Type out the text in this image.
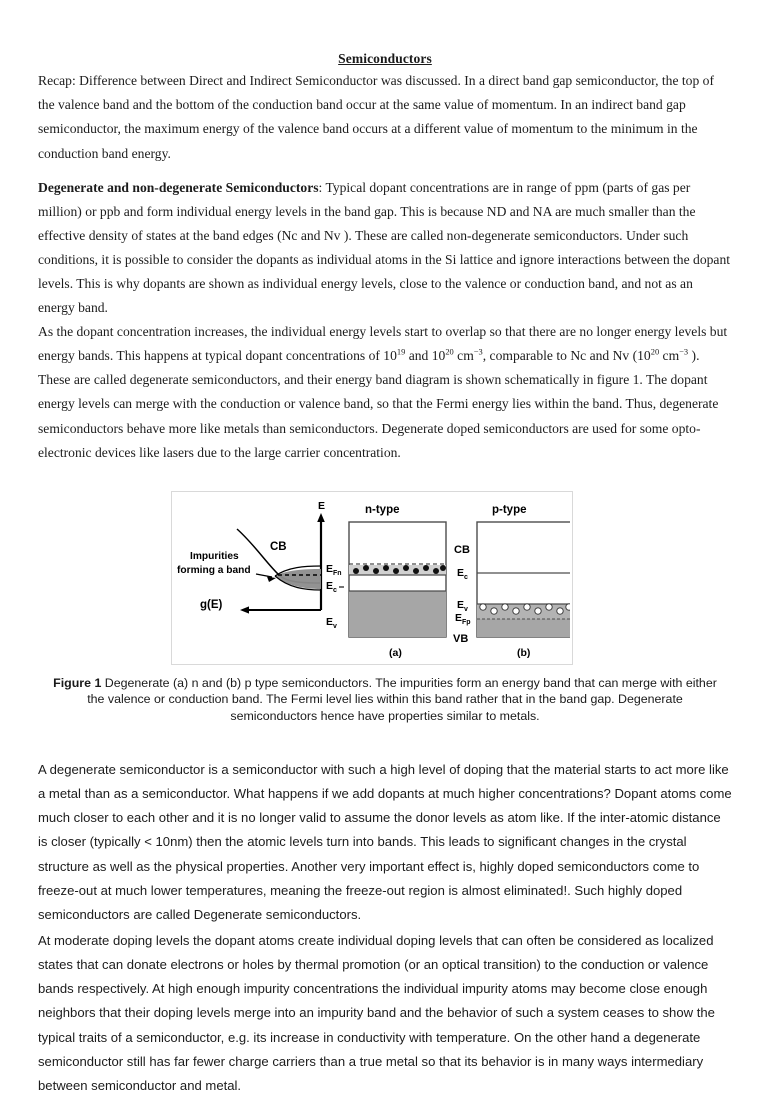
Semiconductors

Recap: Difference between Direct and Indirect Semiconductor was discussed. In a direct band gap semiconductor, the top of the valence band and the bottom of the conduction band occur at the same value of momentum. In an indirect band gap semiconductor, the maximum energy of the valence band occurs at a different value of momentum to the minimum in the conduction band energy.

Degenerate and non-degenerate Semiconductors: Typical dopant concentrations are in range of ppm (parts of gas per million) or ppb and form individual energy levels in the band gap. This is because ND and NA are much smaller than the effective density of states at the band edges (Nc and Nv ). These are called non-degenerate semiconductors. Under such conditions, it is possible to consider the dopants as individual atoms in the Si lattice and ignore interactions between the dopant levels. This is why dopants are shown as individual energy levels, close to the valence or conduction band, and not as an energy band.

As the dopant concentration increases, the individual energy levels start to overlap so that there are no longer energy levels but energy bands. This happens at typical dopant concentrations of $10^{19}$ and $10^{20}$ $cm^{-3}$, comparable to Nc and Nv ($10^{20}$ $cm^{-3}$ ). These are called degenerate semiconductors, and their energy band diagram is shown schematically in figure 1. The dopant energy levels can merge with the conduction or valence band, so that the Fermi energy lies within the band. Thus, degenerate semiconductors behave more like metals than semiconductors. Degenerate doped semiconductors are used for some opto-electronic devices like lasers due to the large carrier concentration.

E
g(E)
CB
Impurities
forming a band	E Fn
E c
E v
n-type
(a)
p-type
CB
E c
E v
E Fp
VB
(b)
Figure 1 Degenerate (a) n and (b) p type semiconductors. The impurities form an energy band that can merge with either the valence or conduction band. The Fermi level lies within this band rather that in the band gap. Degenerate semiconductors hence have properties similar to metals.

A degenerate semiconductor is a semiconductor with such a high level of doping that the material starts to act more like a metal than as a semiconductor. What happens if we add dopants at much higher concentrations? Dopant atoms come much closer to each other and it is no longer valid to assume the donor levels as atom like. If the inter-atomic distance is closer (typically < 10nm) then the atomic levels turn into bands. This leads to significant changes in the crystal structure as well as the physical properties. Another very important effect is, highly doped semiconductors come to freeze-out at much lower temperatures, meaning the freeze-out region is almost eliminated!. Such highly doped semiconductors are called Degenerate semiconductors.

At moderate doping levels the dopant atoms create individual doping levels that can often be considered as localized states that can donate electrons or holes by thermal promotion (or an optical transition) to the conduction or valence bands respectively. At high enough impurity concentrations the individual impurity atoms may become close enough neighbors that their doping levels merge into an impurity band and the behavior of such a system ceases to show the typical traits of a semiconductor, e.g. its increase in conductivity with temperature. On the other hand a degenerate semiconductor still has far fewer charge carriers than a true metal so that its behavior is in many ways intermediary between semiconductor and metal.
